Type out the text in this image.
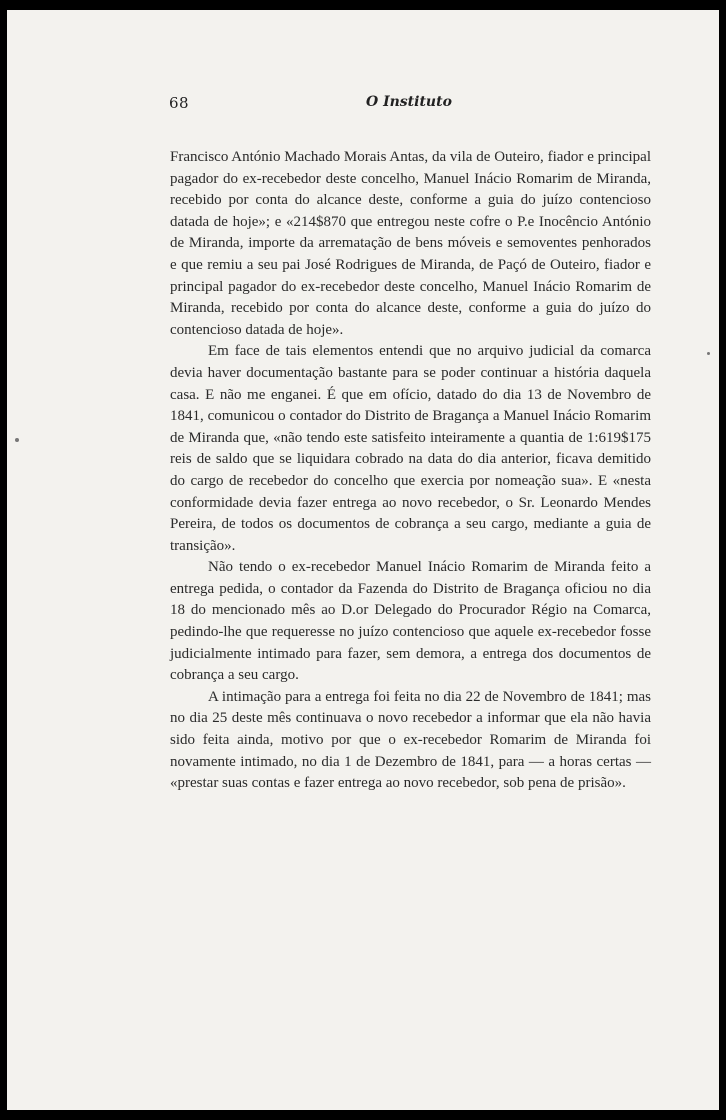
68	O Instituto

Francisco António Machado Morais Antas, da vila de Outeiro, fiador e principal pagador do ex-recebedor deste concelho, Manuel Inácio Romarim de Miranda, recebido por conta do alcance deste, conforme a guia do juízo contencioso datada de hoje»; e «214$870 que entregou neste cofre o P.e Inocêncio António de Miranda, importe da arrematação de bens móveis e semoventes penhorados e que remiu a seu pai José Rodrigues de Miranda, de Paçó de Outeiro, fiador e principal pagador do ex-recebedor deste concelho, Manuel Inácio Romarim de Miranda, recebido por conta do alcance deste, conforme a guia do juízo do contencioso datada de hoje».

Em face de tais elementos entendi que no arquivo judicial da comarca devia haver documentação bastante para se poder continuar a história daquela casa. E não me enganei. É que em ofício, datado do dia 13 de Novembro de 1841, comunicou o contador do Distrito de Bragança a Manuel Inácio Romarim de Miranda que, «não tendo este satisfeito inteiramente a quantia de 1:619$175 reis de saldo que se liquidara cobrado na data do dia anterior, ficava demitido do cargo de recebedor do concelho que exercia por nomeação sua». E «nesta conformidade devia fazer entrega ao novo recebedor, o Sr. Leonardo Mendes Pereira, de todos os documentos de cobrança a seu cargo, mediante a guia de transição».

Não tendo o ex-recebedor Manuel Inácio Romarim de Miranda feito a entrega pedida, o contador da Fazenda do Distrito de Bragança oficiou no dia 18 do mencionado mês ao D.or Delegado do Procurador Régio na Comarca, pedindo-lhe que requeresse no juízo contencioso que aquele ex-recebedor fosse judicialmente intimado para fazer, sem demora, a entrega dos documentos de cobrança a seu cargo.

A intimação para a entrega foi feita no dia 22 de Novembro de 1841; mas no dia 25 deste mês continuava o novo recebedor a informar que ela não havia sido feita ainda, motivo por que o ex-recebedor Romarim de Miranda foi novamente intimado, no dia 1 de Dezembro de 1841, para — a horas certas — «prestar suas contas e fazer entrega ao novo recebedor, sob pena de prisão».
